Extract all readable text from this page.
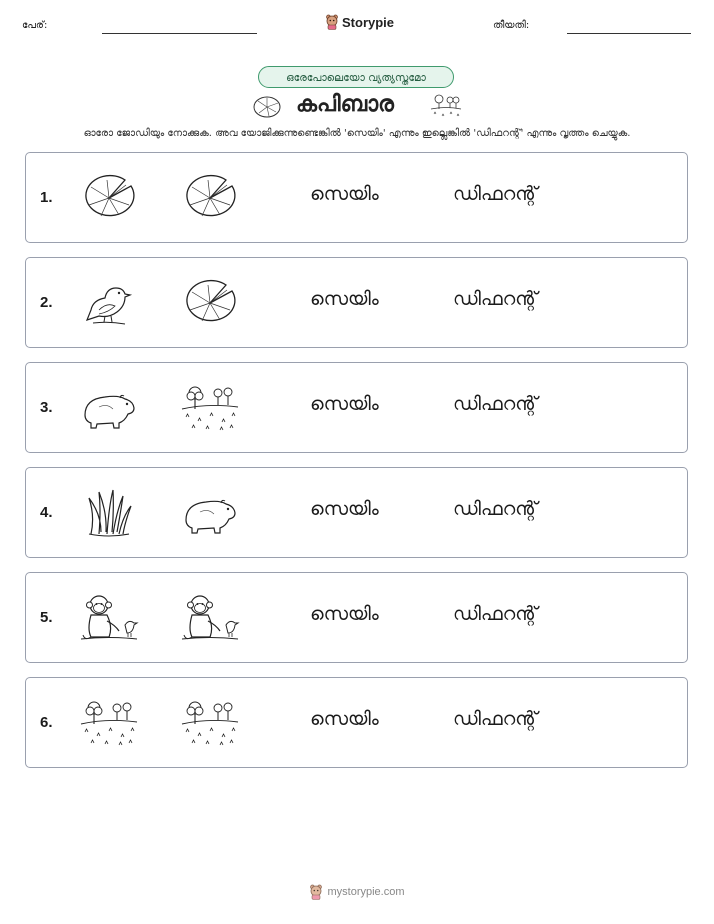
പേര്:	Storypie	തീയതി:
ഒരേപോലെയോ വ്യത്യസ്തമോ
കപിബാര
ഓരോ ജോഡിയും നോക്കുക. അവ യോജിക്കുന്നുണ്ടെങ്കിൽ 'സെയിം' എന്നും ഇല്ലെങ്കിൽ 'ഡിഫറന്റ്' എന്നും വൃത്തം ചെയ്യുക.
1.	സെയിം	ഡിഫറന്റ്
2.	സെയിം	ഡിഫറന്റ്
3.	സെയിം	ഡിഫറന്റ്
4.	സെയിം	ഡിഫറന്റ്
5.	സെയിം	ഡിഫറന്റ്
6.	സെയിം	ഡിഫറന്റ്
mystorypie.com
